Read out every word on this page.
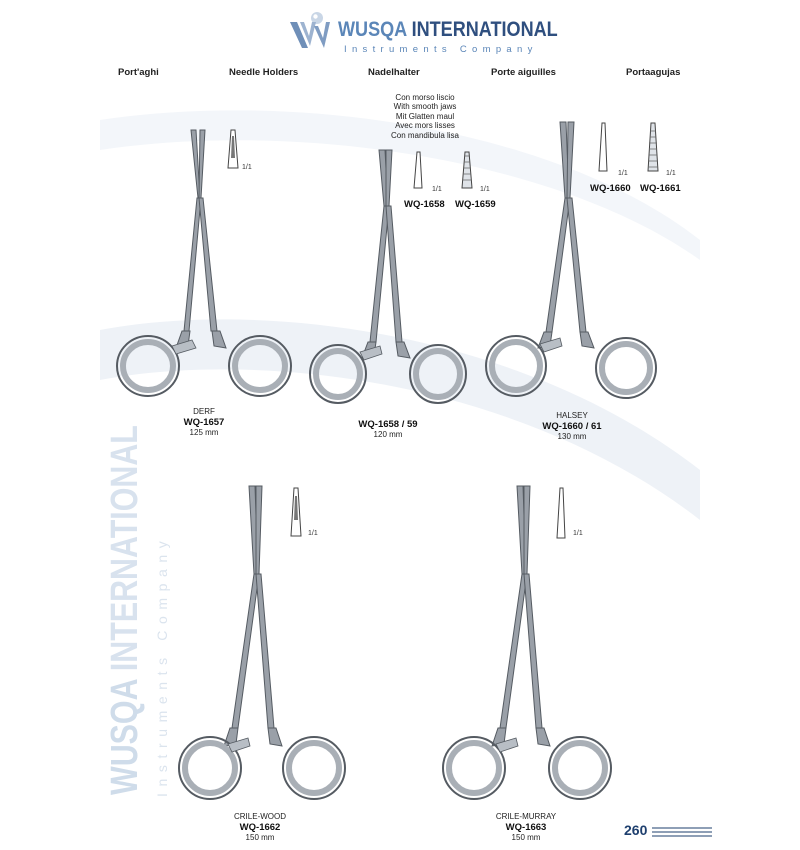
WUSQA INTERNATIONAL
Instruments Company
Port'aghi	Needle Holders	Nadelhalter	Porte aiguilles	Portaagujas
Con morso liscio
With smooth jaws
Mit Glatten maul
Avec mors lisses
Con mandibula lisa
1/1
DERF
WQ-1657
125 mm
1/1	1/1
WQ-1658 WQ-1659
WQ-1658 / 59
120 mm
1/1	1/1
WQ-1660 WQ-1661
HALSEY
WQ-1660 / 61
130 mm
WUSQA INTERNATIONAL Instruments Company
1/1
CRILE-WOOD
WQ-1662
150 mm
1/1
CRILE-MURRAY
WQ-1663
150 mm	260
